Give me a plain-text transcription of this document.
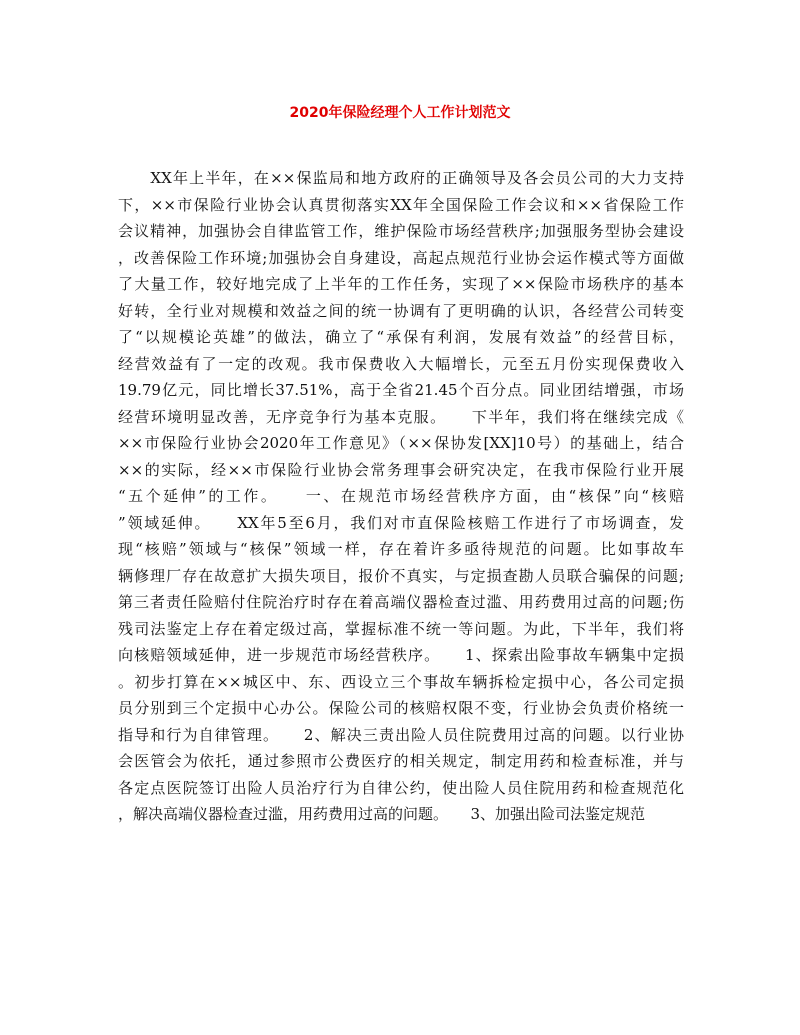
2020年保险经理个人工作计划范文
　　XX年上半年，在××保监局和地方政府的正确领导及各会员公司的大力支持
下，××市保险行业协会认真贯彻落实XX年全国保险工作会议和××省保险工作
会议精神，加强协会自律监管工作，维护保险市场经营秩序;加强服务型协会建设
，改善保险工作环境;加强协会自身建设，高起点规范行业协会运作模式等方面做
了大量工作，较好地完成了上半年的工作任务，实现了××保险市场秩序的基本
好转，全行业对规模和效益之间的统一协调有了更明确的认识，各经营公司转变
了“以规模论英雄”的做法，确立了“承保有利润，发展有效益”的经营目标，
经营效益有了一定的改观。我市保费收入大幅增长，元至五月份实现保费收入
19.79亿元，同比增长37.51%，高于全省21.45个百分点。同业团结增强，市场
经营环境明显改善，无序竞争行为基本克服。　　下半年，我们将在继续完成《
××市保险行业协会2020年工作意见》（××保协发[XX]10号）的基础上，结合
××的实际，经××市保险行业协会常务理事会研究决定，在我市保险行业开展
“五个延伸”的工作。　　一、在规范市场经营秩序方面，由“核保”向“核赔
”领域延伸。　　XX年5至6月，我们对市直保险核赔工作进行了市场调查，发
现“核赔”领域与“核保”领域一样，存在着许多亟待规范的问题。比如事故车
辆修理厂存在故意扩大损失项目，报价不真实，与定损查勘人员联合骗保的问题;
第三者责任险赔付住院治疗时存在着高端仪器检查过滥、用药费用过高的问题;伤
残司法鉴定上存在着定级过高，掌握标准不统一等问题。为此，下半年，我们将
向核赔领域延伸，进一步规范市场经营秩序。　　1、探索出险事故车辆集中定损
。初步打算在××城区中、东、西设立三个事故车辆拆检定损中心，各公司定损
员分别到三个定损中心办公。保险公司的核赔权限不变，行业协会负责价格统一
指导和行为自律管理。　　2、解决三责出险人员住院费用过高的问题。以行业协
会医管会为依托，通过参照市公费医疗的相关规定，制定用药和检查标准，并与
各定点医院签订出险人员治疗行为自律公约，使出险人员住院用药和检查规范化
，解决高端仪器检查过滥，用药费用过高的问题。　　3、加强出险司法鉴定规范
